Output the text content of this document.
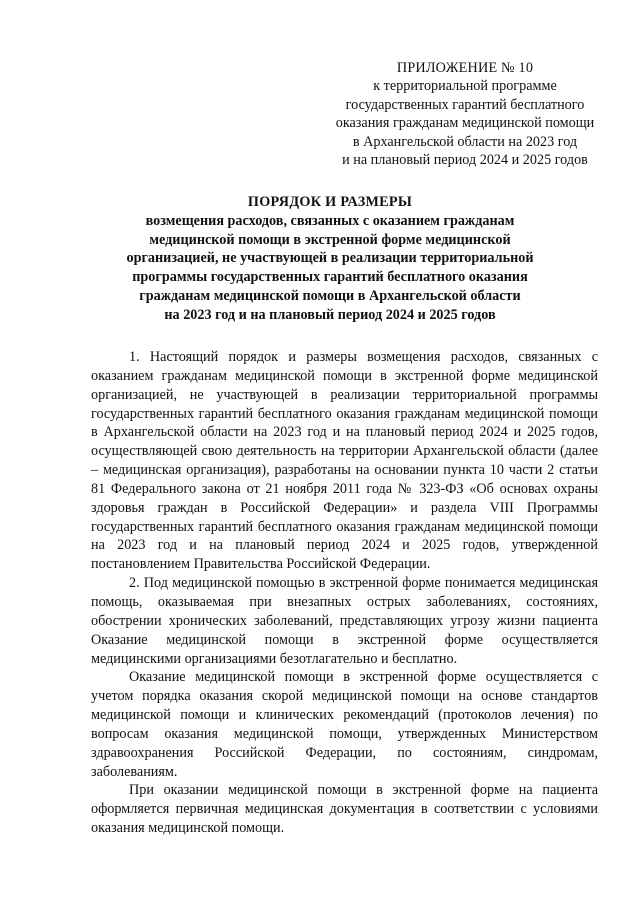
ПРИЛОЖЕНИЕ № 10
к территориальной программе
государственных гарантий бесплатного
оказания гражданам медицинской помощи
в Архангельской области на 2023 год
и на плановый период 2024 и 2025 годов
ПОРЯДОК И РАЗМЕРЫ
возмещения расходов, связанных с оказанием гражданам
медицинской помощи в экстренной форме медицинской
организацией, не участвующей в реализации территориальной
программы государственных гарантий бесплатного оказания
гражданам медицинской помощи в Архангельской области
на 2023 год и на плановый период 2024 и 2025 годов

1. Настоящий порядок и размеры возмещения расходов, связанных с оказанием гражданам медицинской помощи в экстренной форме медицинской организацией, не участвующей в реализации территориальной программы государственных гарантий бесплатного оказания гражданам медицинской помощи в Архангельской области на 2023 год и на плановый период 2024 и 2025 годов, осуществляющей свою деятельность на территории Архангельской области (далее – медицинская организация), разработаны на основании пункта 10 части 2 статьи 81 Федерального закона от 21 ноября 2011 года № 323-ФЗ «Об основах охраны здоровья граждан в Российской Федерации» и раздела VIII Программы государственных гарантий бесплатного оказания гражданам медицинской помощи на 2023 год и на плановый период 2024 и 2025 годов, утвержденной постановлением Правительства Российской Федерации.

2. Под медицинской помощью в экстренной форме понимается медицинская помощь, оказываемая при внезапных острых заболеваниях, состояниях, обострении хронических заболеваний, представляющих угрозу жизни пациента Оказание медицинской помощи в экстренной форме осуществляется медицинскими организациями безотлагательно и бесплатно.

Оказание медицинской помощи в экстренной форме осуществляется с учетом порядка оказания скорой медицинской помощи на основе стандартов медицинской помощи и клинических рекомендаций (протоколов лечения) по вопросам оказания медицинской помощи, утвержденных Министерством здравоохранения Российской Федерации, по состояниям, синдромам, заболеваниям.

При оказании медицинской помощи в экстренной форме на пациента оформляется первичная медицинская документация в соответствии с условиями оказания медицинской помощи.
